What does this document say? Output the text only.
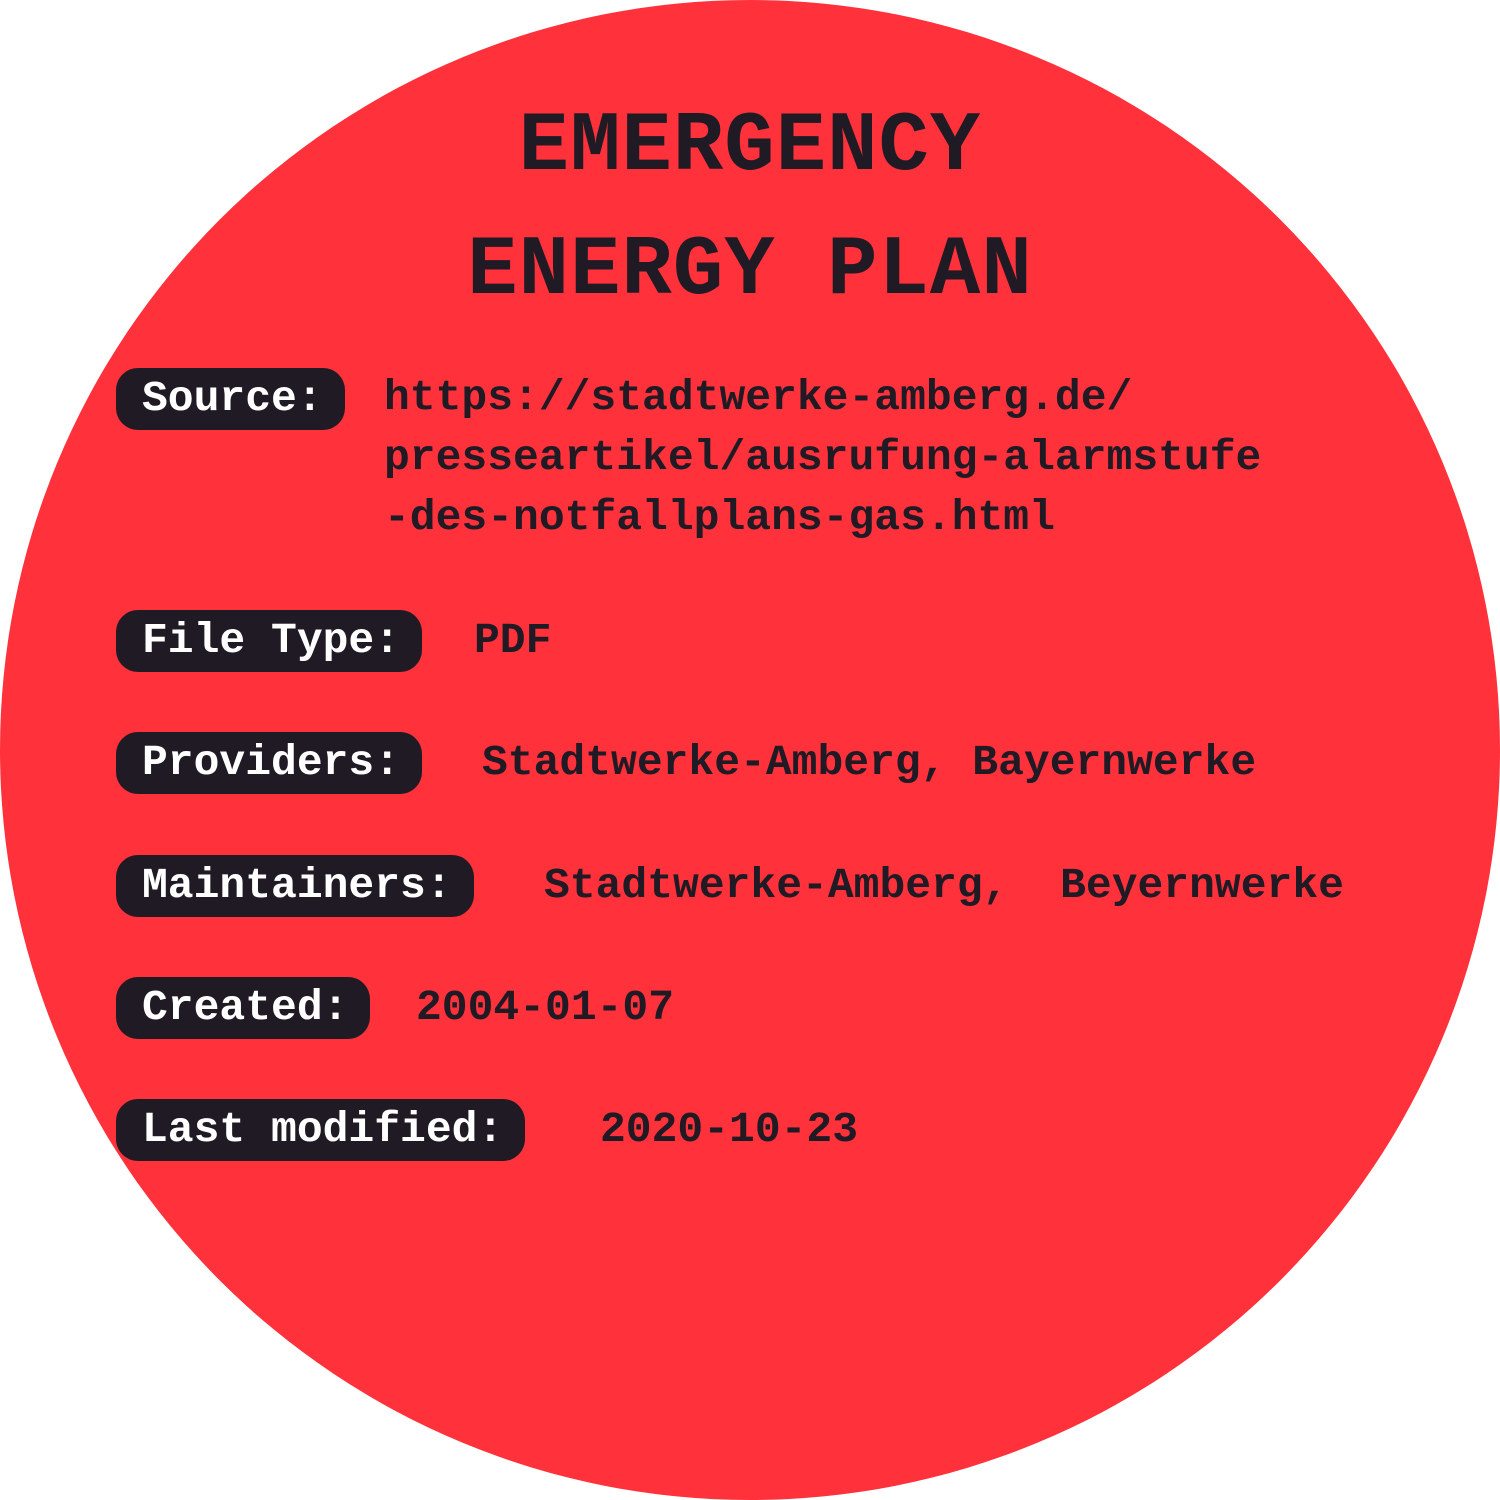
EMERGENCY
ENERGY PLAN
Source:	https://stadtwerke-amberg.de/
presseartikel/ausrufung-alarmstufe
-des-notfallplans-gas.html
File Type:	PDF
Providers:	Stadtwerke-Amberg, Bayernwerke
Maintainers:	Stadtwerke-Amberg,  Beyernwerke
Created:	2004-01-07
Last modified:	2020-10-23
